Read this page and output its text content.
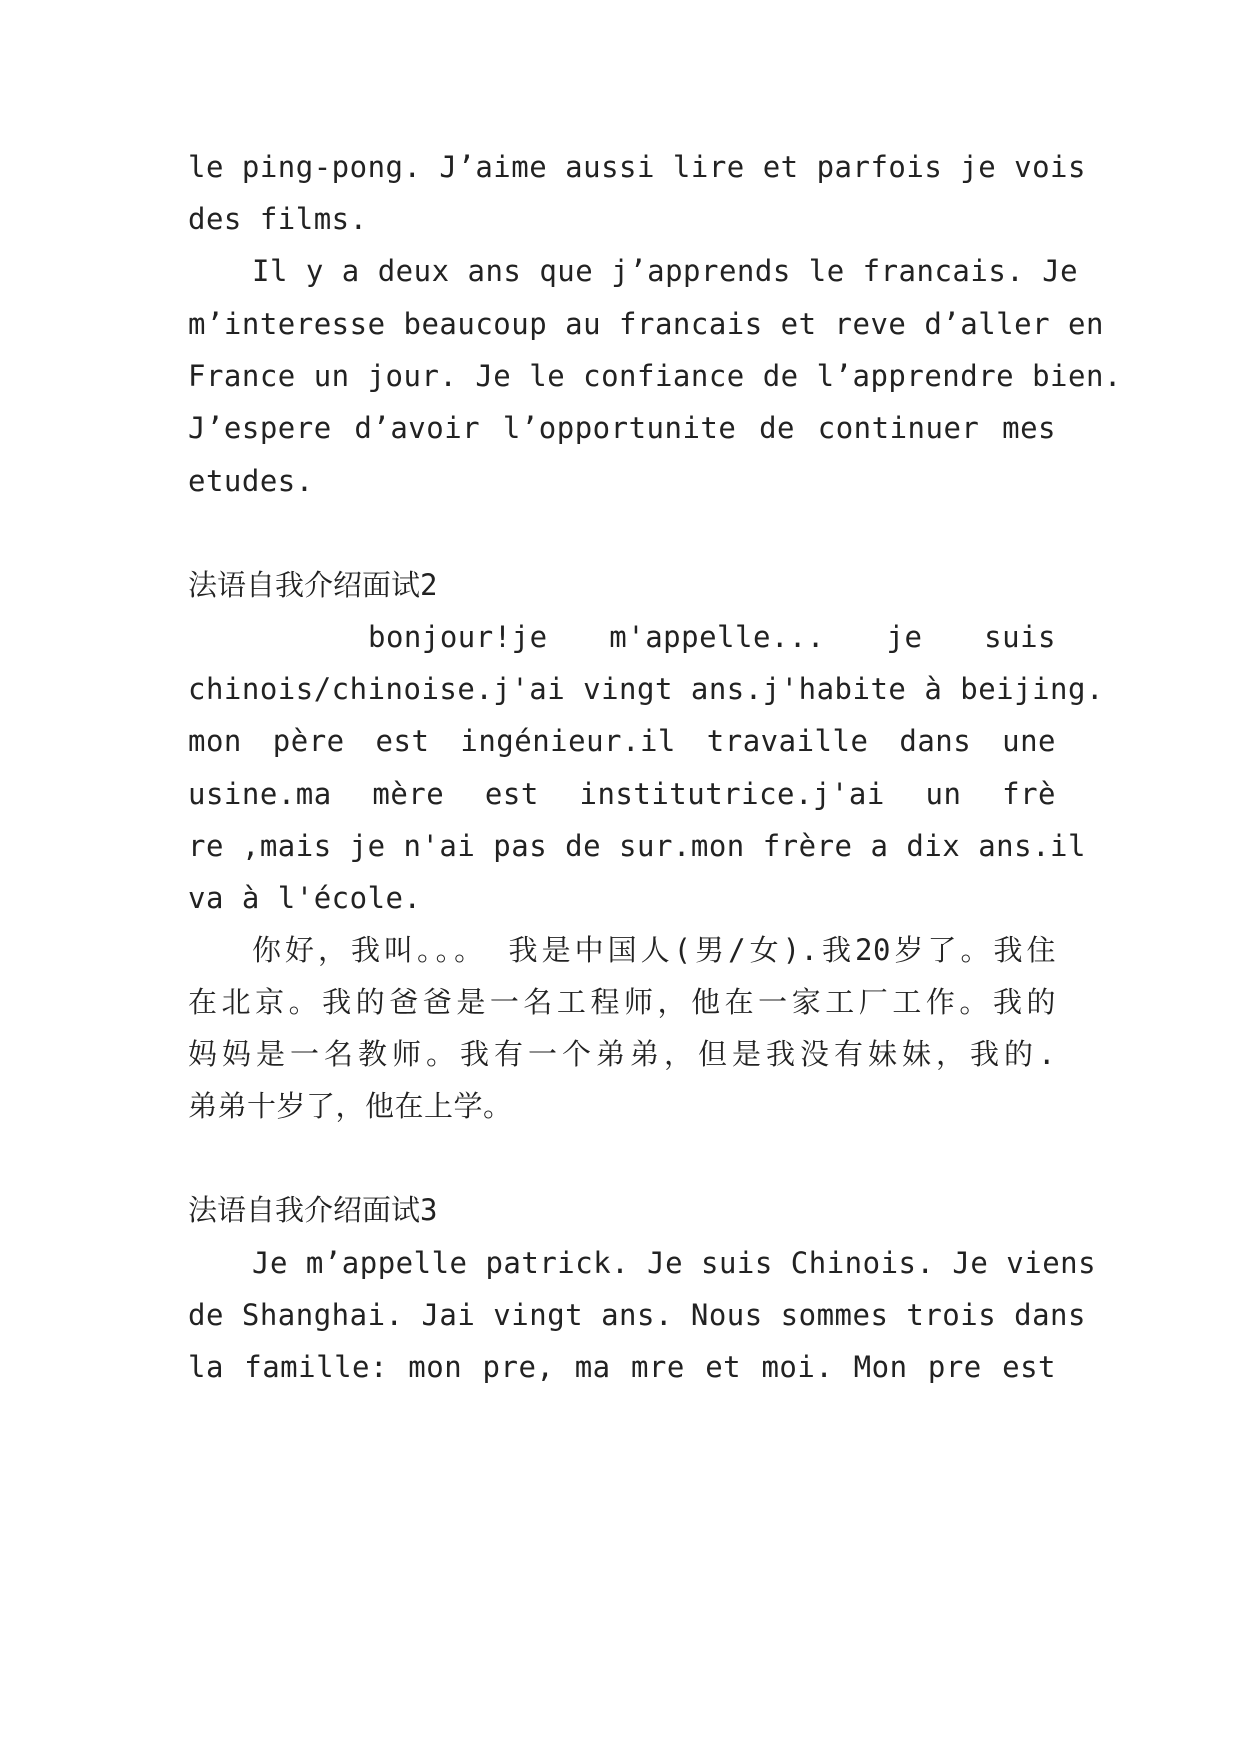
le ping-pong. J’aime aussi lire et parfois je vois
des films.
Il y a deux ans que j’apprends le francais. Je
m’interesse beaucoup au francais et reve d’aller en
France un jour. Je le confiance de l’apprendre bien.
J’espere d’avoir l’opportunite de continuer mes
etudes.
法语自我介绍面试2
bonjour!je m'appelle... je suis
chinois/chinoise.j'ai vingt ans.j'habite à beijing.
mon père est ingénieur.il travaille dans une
usine.ma mère est institutrice.j'ai un frè
re ,mais je n'ai pas de sur.mon frère a dix ans.il
va à l'école.
你好，我叫。。。 我是中国人(男/女).我20岁了。我住
在北京。我的爸爸是一名工程师，他在一家工厂工作。我的
妈妈是一名教师。我有一个弟弟，但是我没有妹妹，我的.
弟弟十岁了，他在上学。
法语自我介绍面试3
Je m’appelle patrick. Je suis Chinois. Je viens
de Shanghai. Jai vingt ans. Nous sommes trois dans
la famille: mon pre, ma mre et moi. Mon pre est
